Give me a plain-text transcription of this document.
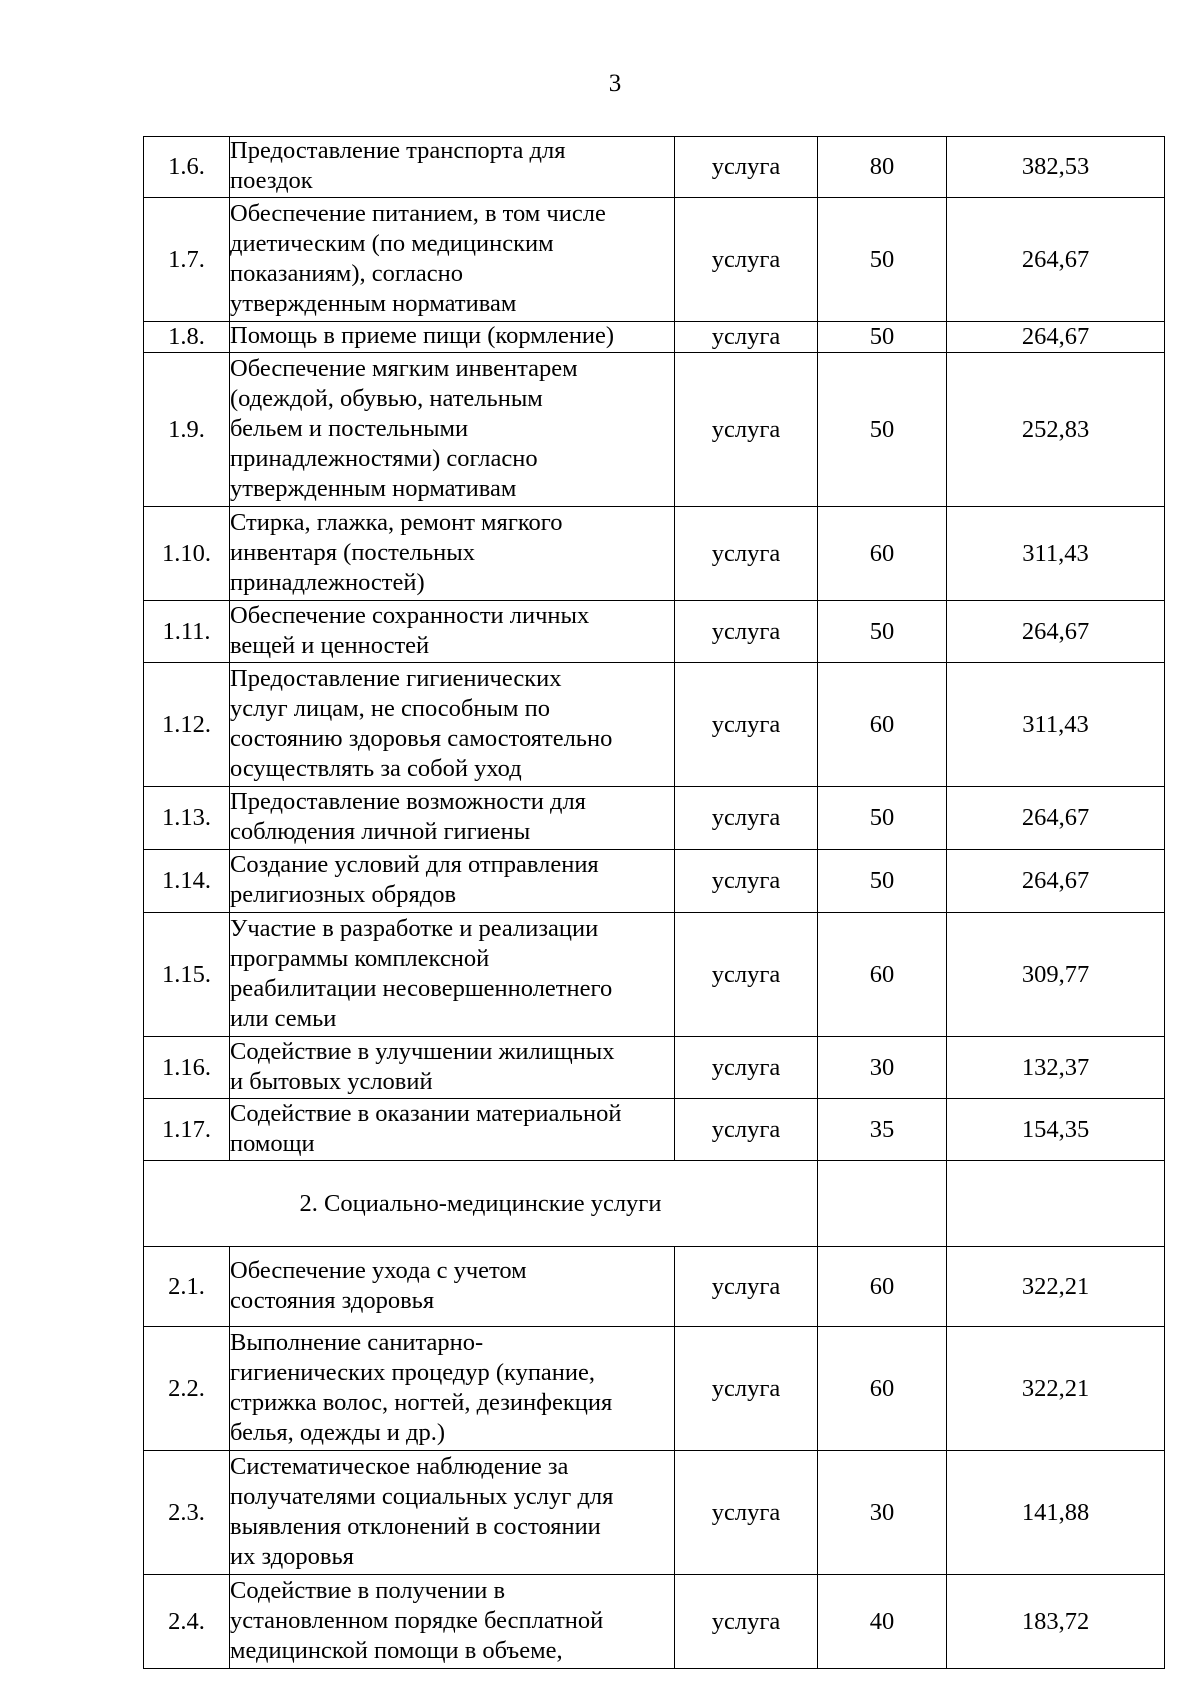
3
1.6.	Предоставление транспорта для
поездок	услуга	80	382,53

1.7.	Обеспечение питанием, в том числе
диетическим (по медицинским
показаниям), согласно
утвержденным нормативам	услуга	50	264,67

1.8.	Помощь в приеме пищи (кормление)	услуга	50	264,67

1.9.	Обеспечение мягким инвентарем
(одеждой, обувью, нательным
бельем и постельными
принадлежностями) согласно
утвержденным нормативам	услуга	50	252,83

1.10.	Стирка, глажка, ремонт мягкого
инвентаря (постельных
принадлежностей)	услуга	60	311,43

1.11.	Обеспечение сохранности личных
вещей и ценностей	услуга	50	264,67

1.12.	Предоставление гигиенических
услуг лицам, не способным по
состоянию здоровья самостоятельно
осуществлять за собой уход	услуга	60	311,43

1.13.	Предоставление возможности для
соблюдения личной гигиены	услуга	50	264,67

1.14.	Создание условий для отправления
религиозных обрядов	услуга	50	264,67

1.15.	Участие в разработке и реализации
программы комплексной
реабилитации несовершеннолетнего
или семьи	услуга	60	309,77

1.16.	Содействие в улучшении жилищных
и бытовых условий	услуга	30	132,37

1.17.	Содействие в оказании материальной
помощи	услуга	35	154,35

2. Социально-медицинские услуги				

2.1.	Обеспечение ухода с учетом
состояния здоровья	услуга	60	322,21

2.2.	Выполнение санитарно-
гигиенических процедур (купание,
стрижка волос, ногтей, дезинфекция
белья, одежды и др.)	услуга	60	322,21

2.3.	Систематическое наблюдение за
получателями социальных услуг для
выявления отклонений в состоянии
их здоровья	услуга	30	141,88

2.4.	Содействие в получении в
установленном порядке бесплатной
медицинской помощи в объеме,	услуга	40	183,72
